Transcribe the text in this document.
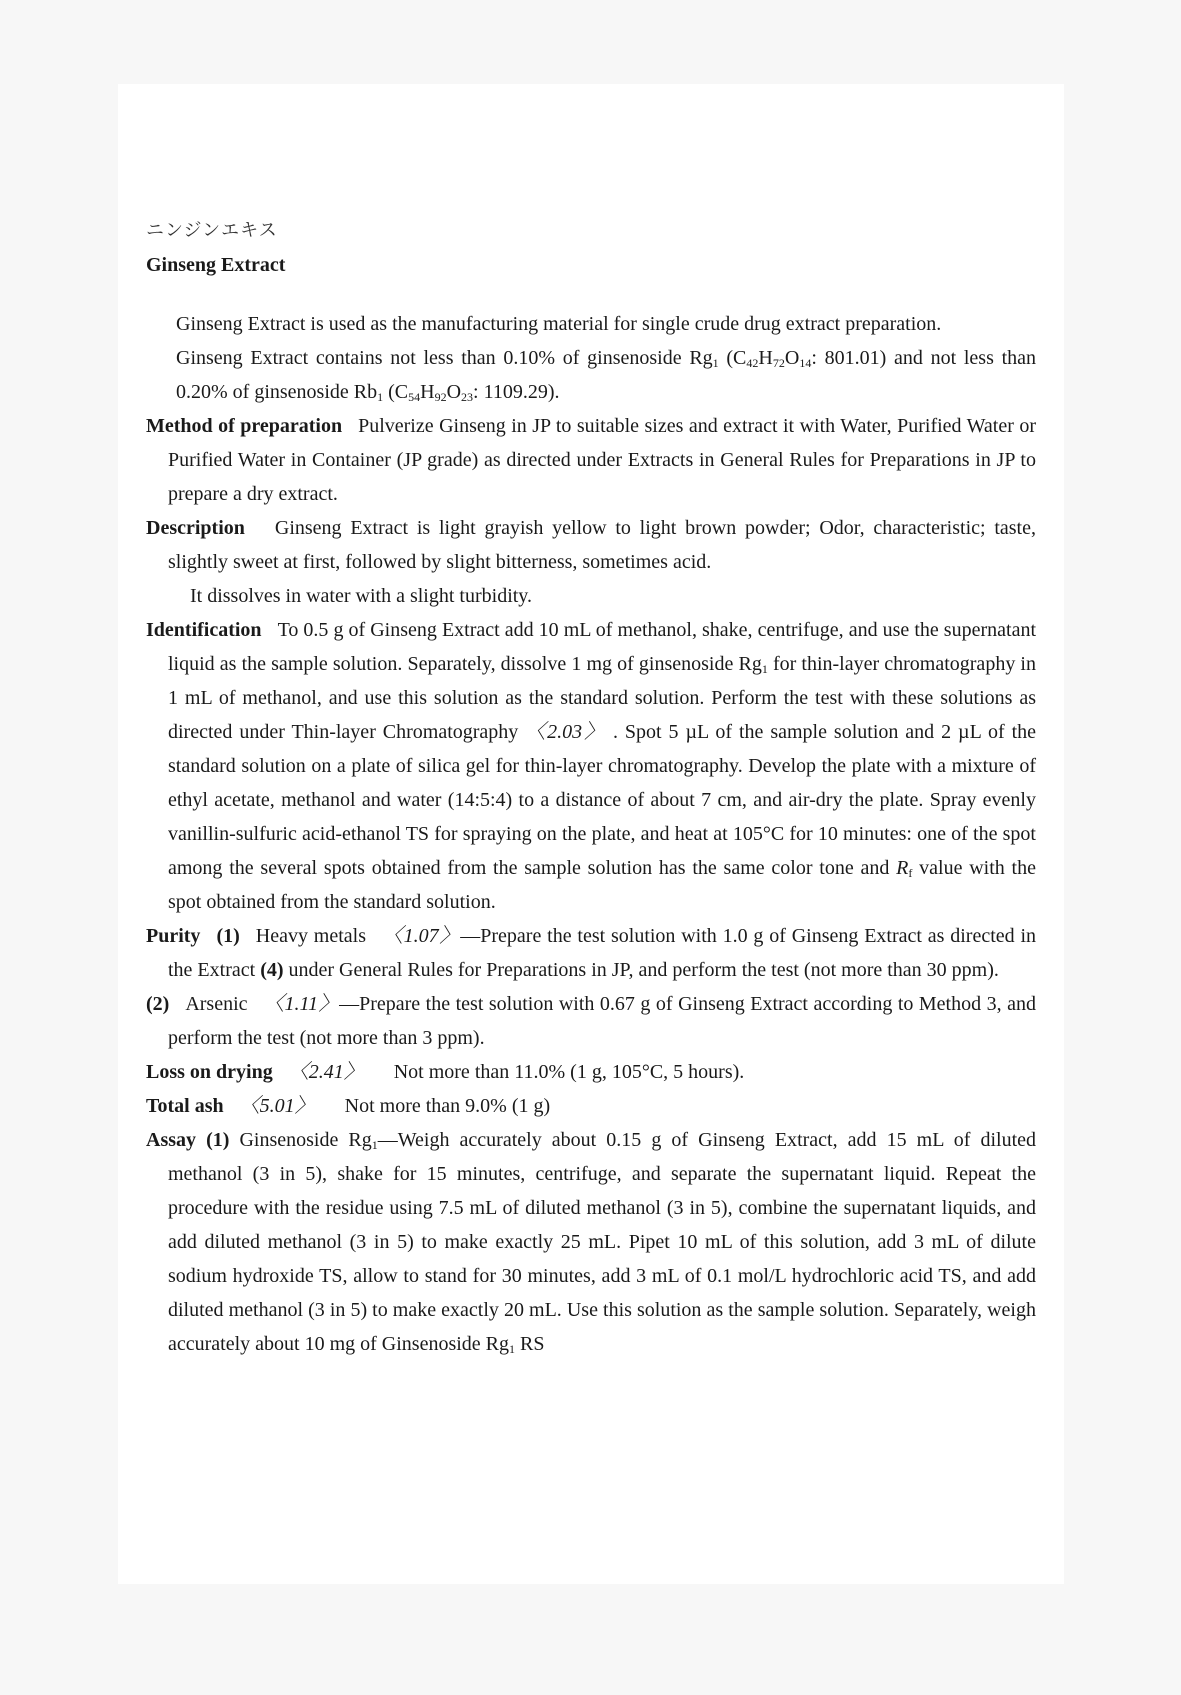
ニンジンエキス
Ginseng Extract

Ginseng Extract is used as the manufacturing material for single crude drug extract preparation.

Ginseng Extract contains not less than 0.10% of ginsenoside $Rg_1$ ($C_{42}H_{72}O_{14}$: 801.01) and not less than 0.20% of ginsenoside $Rb_1$ ($C_{54}H_{92}O_{23}$: 1109.29).

Method of preparation Pulverize Ginseng in JP to suitable sizes and extract it with Water, Purified Water or Purified Water in Container (JP grade) as directed under Extracts in General Rules for Preparations in JP to prepare a dry extract.

Description Ginseng Extract is light grayish yellow to light brown powder; Odor, characteristic; taste, slightly sweet at first, followed by slight bitterness, sometimes acid.

It dissolves in water with a slight turbidity.

Identification To 0.5 g of Ginseng Extract add 10 mL of methanol, shake, centrifuge, and use the supernatant liquid as the sample solution. Separately, dissolve 1 mg of ginsenoside $Rg_1$ for thin-layer chromatography in 1 mL of methanol, and use this solution as the standard solution. Perform the test with these solutions as directed under Thin-layer Chromatography 〈2.03〉 . Spot 5 µL of the sample solution and 2 µL of the standard solution on a plate of silica gel for thin-layer chromatography. Develop the plate with a mixture of ethyl acetate, methanol and water (14:5:4) to a distance of about 7 cm, and air-dry the plate. Spray evenly vanillin-sulfuric acid-ethanol TS for spraying on the plate, and heat at 105°C for 10 minutes: one of the spot among the several spots obtained from the sample solution has the same color tone and $R_f$ value with the spot obtained from the standard solution.

Purity (1) Heavy metals 〈1.07〉—Prepare the test solution with 1.0 g of Ginseng Extract as directed in the Extract (4) under General Rules for Preparations in JP, and perform the test (not more than 30 ppm).

(2) Arsenic 〈1.11〉—Prepare the test solution with 0.67 g of Ginseng Extract according to Method 3, and perform the test (not more than 3 ppm).

Loss on drying 〈2.41〉 Not more than 11.0% (1 g, 105°C, 5 hours).

Total ash 〈5.01〉 Not more than 9.0% (1 g)

Assay (1) Ginsenoside $Rg_1—Weigh$ accurately about 0.15 g of Ginseng Extract, add 15 mL of diluted methanol (3 in 5), shake for 15 minutes, centrifuge, and separate the supernatant liquid. Repeat the procedure with the residue using 7.5 mL of diluted methanol (3 in 5), combine the supernatant liquids, and add diluted methanol (3 in 5) to make exactly 25 mL. Pipet 10 mL of this solution, add 3 mL of dilute sodium hydroxide TS, allow to stand for 30 minutes, add 3 mL of 0.1 mol/L hydrochloric acid TS, and add diluted methanol (3 in 5) to make exactly 20 mL. Use this solution as the sample solution. Separately, weigh accurately about 10 mg of Ginsenoside $Rg_1$ RS
